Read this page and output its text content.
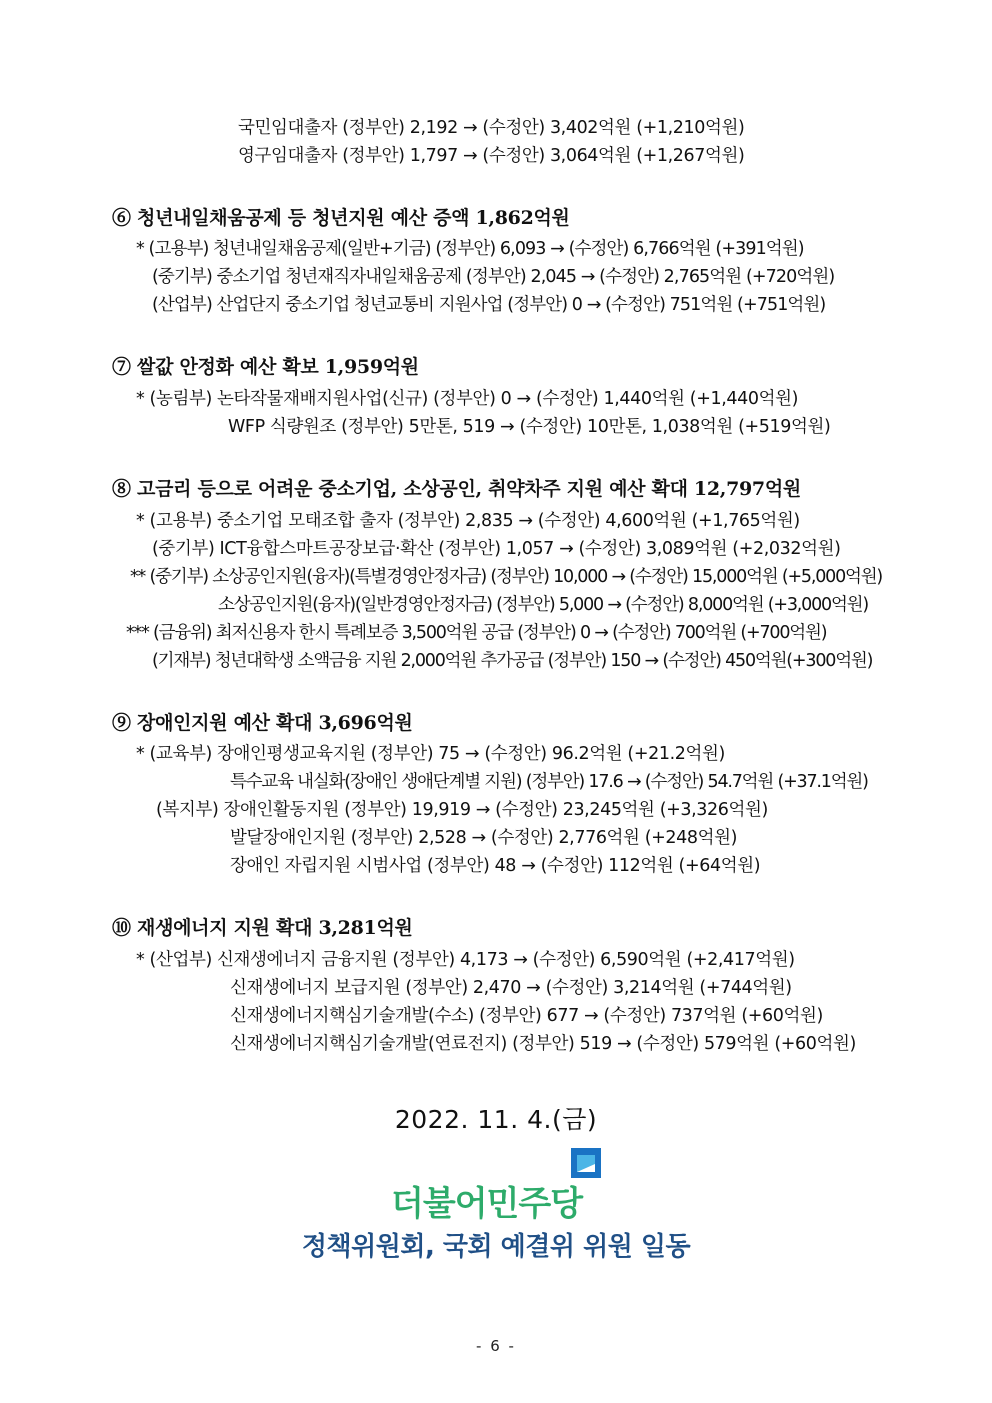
국민임대출자 (정부안) 2,192 → (수정안) 3,402억원 (+1,210억원)
영구임대출자 (정부안) 1,797 → (수정안) 3,064억원 (+1,267억원)
⑥ 청년내일채움공제 등 청년지원 예산 증액 1,862억원
* (고용부) 청년내일채움공제(일반+기금) (정부안) 6,093 → (수정안) 6,766억원 (+391억원)
(중기부) 중소기업 청년재직자내일채움공제 (정부안) 2,045 → (수정안) 2,765억원 (+720억원)
(산업부) 산업단지 중소기업 청년교통비 지원사업 (정부안) 0 → (수정안) 751억원 (+751억원)
⑦ 쌀값 안정화 예산 확보 1,959억원
* (농림부) 논타작물재배지원사업(신규) (정부안) 0 → (수정안) 1,440억원 (+1,440억원)
WFP 식량원조 (정부안) 5만톤, 519 → (수정안) 10만톤, 1,038억원 (+519억원)
⑧ 고금리 등으로 어려운 중소기업, 소상공인, 취약차주 지원 예산 확대 12,797억원
* (고용부) 중소기업 모태조합 출자 (정부안) 2,835 → (수정안) 4,600억원 (+1,765억원)
(중기부) ICT융합스마트공장보급·확산 (정부안) 1,057 → (수정안) 3,089억원 (+2,032억원)
** (중기부) 소상공인지원(융자)(특별경영안정자금) (정부안) 10,000 → (수정안) 15,000억원 (+5,000억원)
소상공인지원(융자)(일반경영안정자금) (정부안) 5,000 → (수정안) 8,000억원 (+3,000억원)
*** (금융위) 최저신용자 한시 특례보증 3,500억원 공급 (정부안) 0 → (수정안) 700억원 (+700억원)
(기재부) 청년대학생 소액금융 지원 2,000억원 추가공급 (정부안) 150 → (수정안) 450억원(+300억원)
⑨ 장애인지원 예산 확대 3,696억원
* (교육부) 장애인평생교육지원 (정부안) 75 → (수정안) 96.2억원 (+21.2억원)
특수교육 내실화(장애인 생애단계별 지원) (정부안) 17.6 → (수정안) 54.7억원 (+37.1억원)
(복지부) 장애인활동지원 (정부안) 19,919 → (수정안) 23,245억원 (+3,326억원)
발달장애인지원 (정부안) 2,528 → (수정안) 2,776억원 (+248억원)
장애인 자립지원 시범사업 (정부안) 48 → (수정안) 112억원 (+64억원)
⑩ 재생에너지 지원 확대 3,281억원
* (산업부) 신재생에너지 금융지원 (정부안) 4,173 → (수정안) 6,590억원 (+2,417억원)
신재생에너지 보급지원 (정부안) 2,470 → (수정안) 3,214억원 (+744억원)
신재생에너지핵심기술개발(수소) (정부안) 677 → (수정안) 737억원 (+60억원)
신재생에너지핵심기술개발(연료전지) (정부안) 519 → (수정안) 579억원 (+60억원)
2022. 11. 4.(금)
더불어민주당
정책위원회, 국회 예결위 위원 일동
- 6 -
